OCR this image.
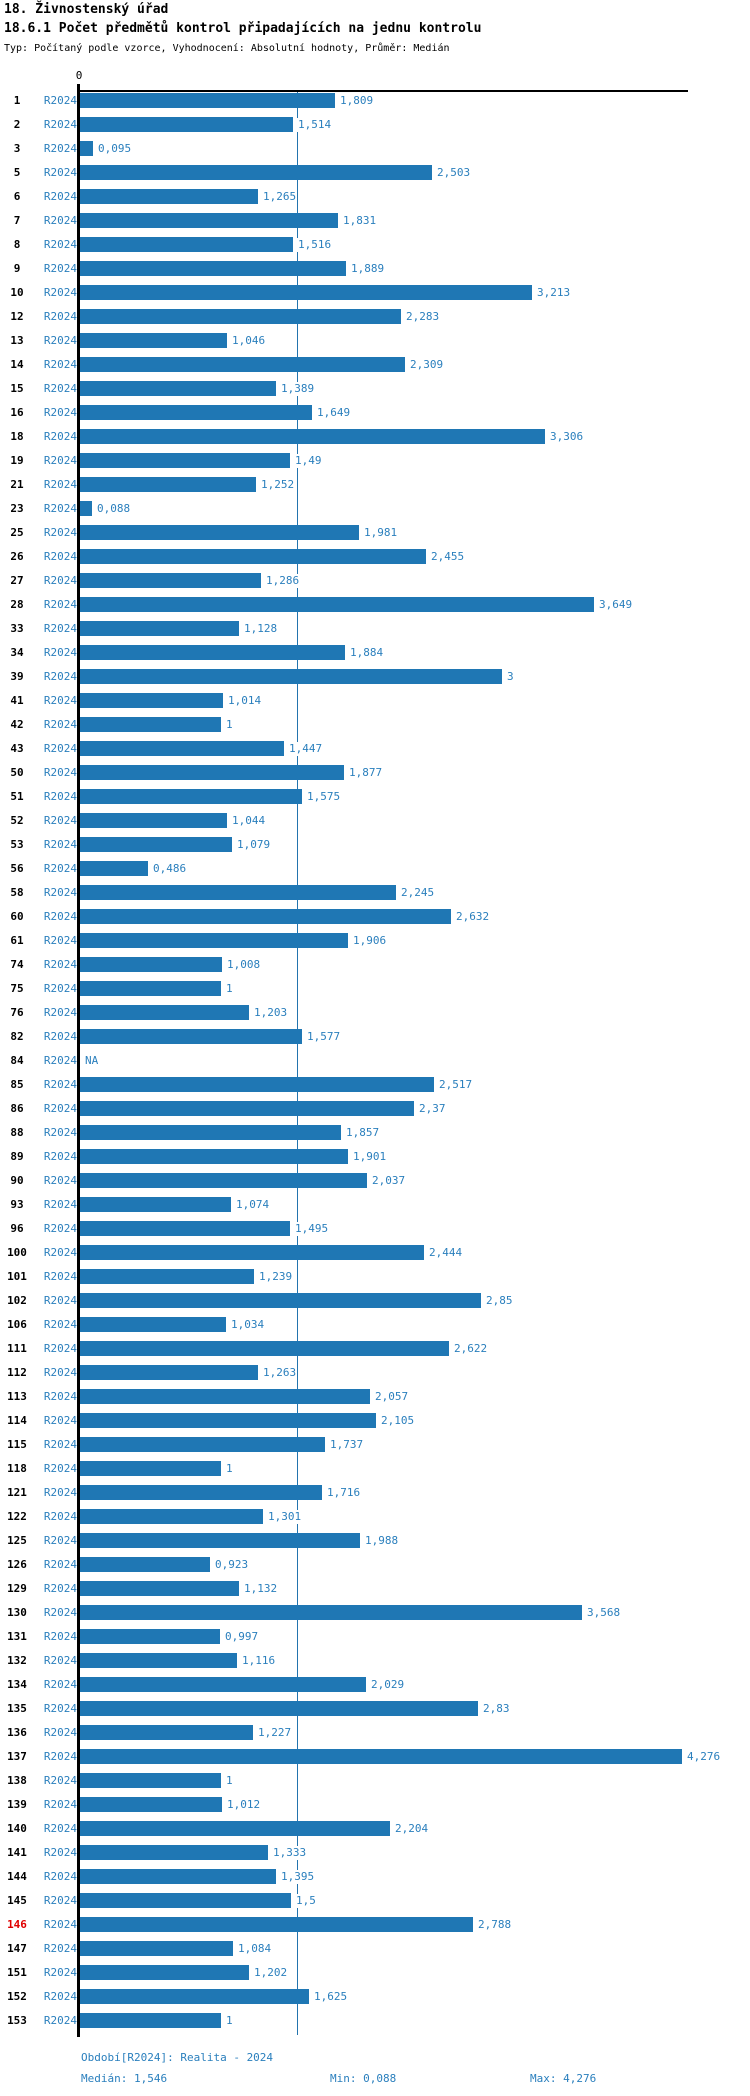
18. Živnostenský úřad
18.6.1 Počet předmětů kontrol připadajících na jednu kontrolu
Typ: Počítaný podle vzorce, Vyhodnocení: Absolutní hodnoty, Průměr: Medián
0
1	R2024	1,809
2	R2024	1,514
3	R2024 0,095
5	R2024	2,503
6	R2024	1,265
7	R2024	1,831
8	R2024	1,516
9	R2024	1,889
10	R2024	3,213
12	R2024	2,283
13	R2024	1,046
14	R2024	2,309
15	R2024	1,389
16	R2024	1,649
18	R2024	3,306
19	R2024	1,49
21	R2024	1,252
23	R2024 0,088
25	R2024	1,981
26	R2024	2,455
27	R2024	1,286
28	R2024	3,649
33	R2024	1,128
34	R2024	1,884
39	R2024	3
41	R2024	1,014
42	R2024	1
43	R2024	1,447
50	R2024	1,877
51	R2024	1,575
52	R2024	1,044
53	R2024	1,079
56	R2024	0,486
58	R2024	2,245
60	R2024	2,632
61	R2024	1,906
74	R2024	1,008
75	R2024	1
76	R2024	1,203
82	R2024	1,577
84	R2024 NA
85	R2024	2,517
86	R2024	2,37
88	R2024	1,857
89	R2024	1,901
90	R2024	2,037
93	R2024	1,074
96	R2024	1,495
100	R2024	2,444
101	R2024	1,239
102	R2024	2,85
106	R2024	1,034
111	R2024	2,622
112	R2024	1,263
113	R2024	2,057
114	R2024	2,105
115	R2024	1,737
118	R2024	1
121	R2024	1,716
122	R2024	1,301
125	R2024	1,988
126	R2024	0,923
129	R2024	1,132
130	R2024	3,568
131	R2024	0,997
132	R2024	1,116
134	R2024	2,029
135	R2024	2,83
136	R2024	1,227
137	R2024	4,276
138	R2024	1
139	R2024	1,012
140	R2024	2,204
141	R2024	1,333
144	R2024	1,395
145	R2024	1,5
146	R2024	2,788
147	R2024	1,084
151	R2024	1,202
152	R2024	1,625
153	R2024	1
Období[R2024]: Realita - 2024
Medián: 1,546	Min: 0,088	Max: 4,276
